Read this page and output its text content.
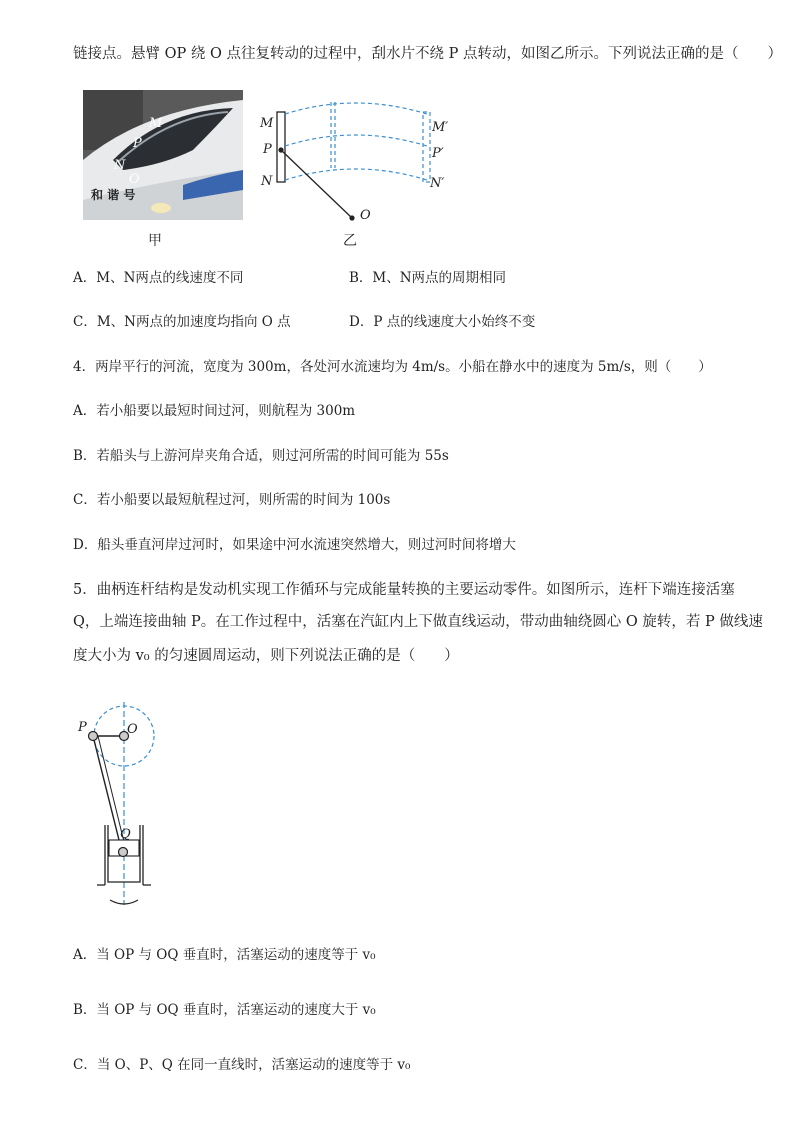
链接点。悬臂 OP 绕 O 点往复转动的过程中，刮水片不绕 P 点转动，如图乙所示。下列说法正确的是（　　）
M
P
N
O
和 谐 号
甲
M
P
N
M′
P′
N′
O
乙
A．M、N两点的线速度不同	B．M、N两点的周期相同
C．M、N两点的加速度均指向 O 点	D．P 点的线速度大小始终不变
4．两岸平行的河流，宽度为 300m，各处河水流速均为 4m/s。小船在静水中的速度为 5m/s，则（　　）
A．若小船要以最短时间过河，则航程为 300m
B．若船头与上游河岸夹角合适，则过河所需的时间可能为 55s
C．若小船要以最短航程过河，则所需的时间为 100s
D．船头垂直河岸过河时，如果途中河水流速突然增大，则过河时间将增大
5．曲柄连杆结构是发动机实现工作循环与完成能量转换的主要运动零件。如图所示，连杆下端连接活塞
Q，上端连接曲轴 P。在工作过程中，活塞在汽缸内上下做直线运动，带动曲轴绕圆心 O 旋转，若 P 做线速
度大小为 v₀ 的匀速圆周运动，则下列说法正确的是（　　）
P	O
Q
A．当 OP 与 OQ 垂直时，活塞运动的速度等于 v₀
B．当 OP 与 OQ 垂直时，活塞运动的速度大于 v₀
C．当 O、P、Q 在同一直线时，活塞运动的速度等于 v₀
